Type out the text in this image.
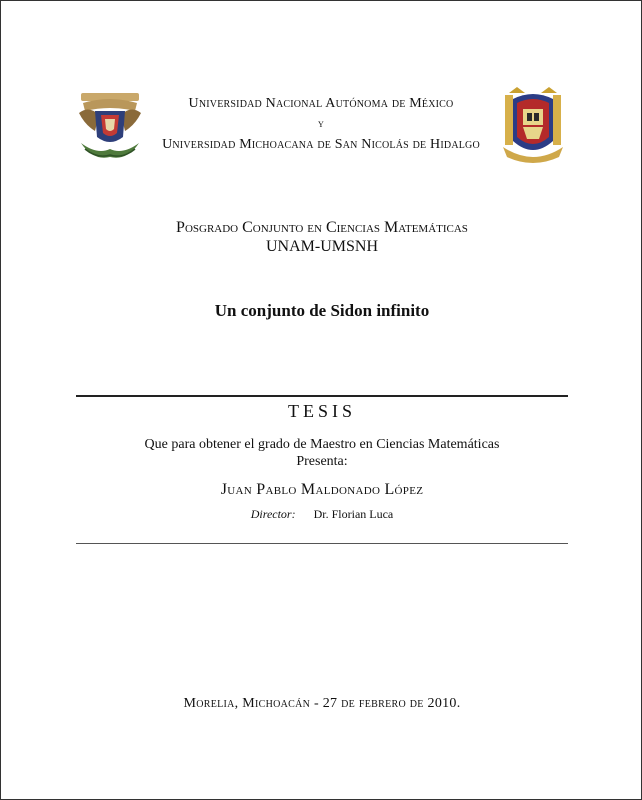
Universidad Nacional Autónoma de México
y
Universidad Michoacana de San Nicolás de Hidalgo
Posgrado Conjunto en Ciencias Matemáticas
UNAM-UMSNH
Un conjunto de Sidon infinito
TESIS
Que para obtener el grado de Maestro en Ciencias Matemáticas
Presenta:
Juan Pablo Maldonado López
Director: Dr. Florian Luca
Morelia, Michoacán - 27 de febrero de 2010.
